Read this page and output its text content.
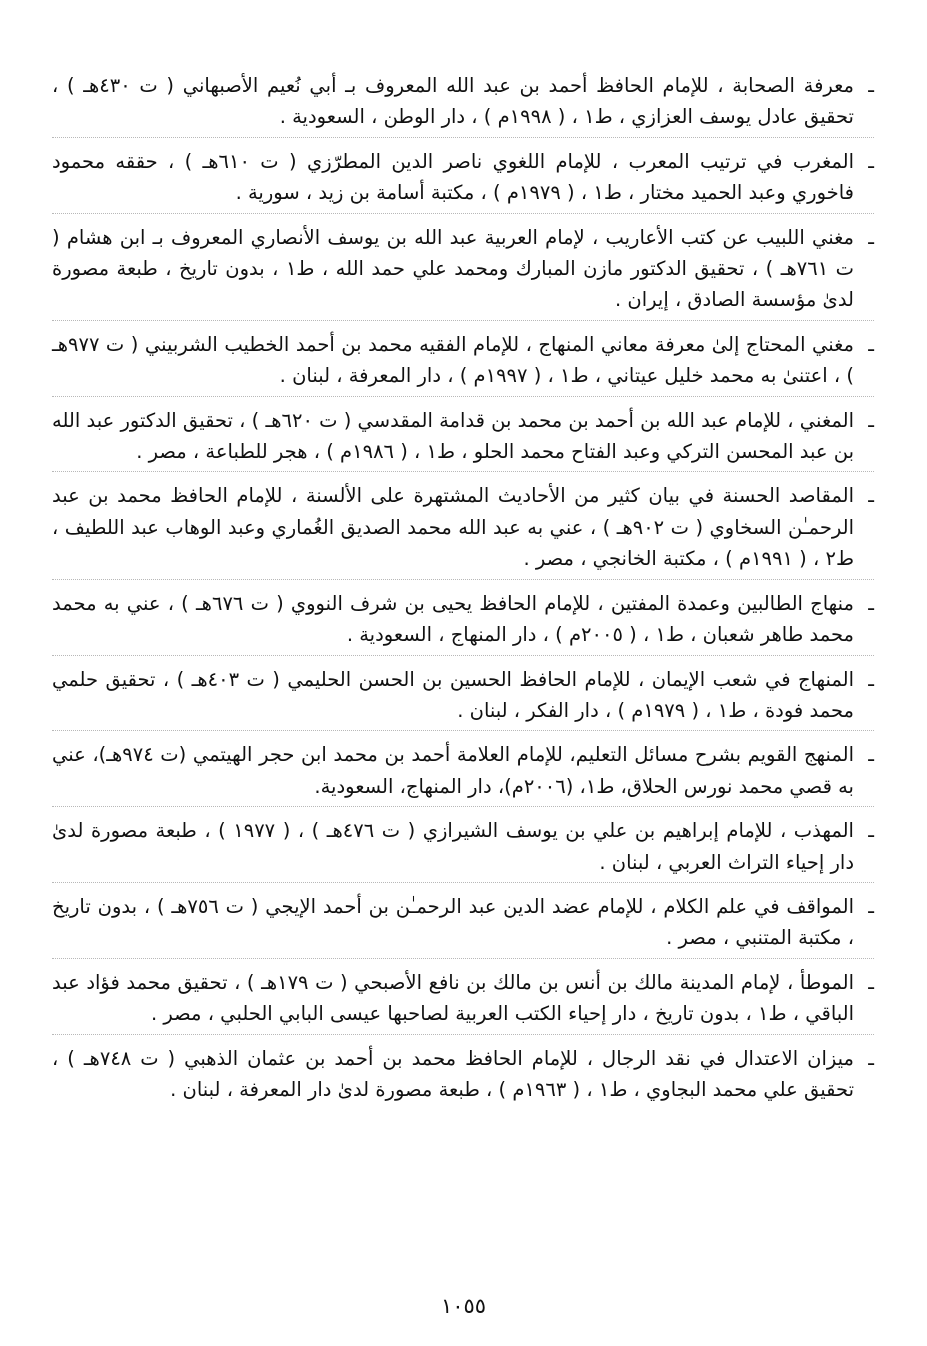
ـ
معرفة الصحابة ، للإمام الحافظ أحمد بن عبد الله المعروف بـ أبي نُعيم الأصبهاني ( ت ٤٣٠هـ ) ، تحقيق عادل يوسف العزازي ، ط١ ، ( ١٩٩٨م ) ، دار الوطن ، السعودية .
ـ
المغرب في ترتيب المعرب ، للإمام اللغوي ناصر الدين المطرّزي ( ت ٦١٠هـ ) ، حققه محمود فاخوري وعبد الحميد مختار ، ط١ ، ( ١٩٧٩م ) ، مكتبة أسامة بن زيد ، سورية .
ـ
مغني اللبيب عن كتب الأعاريب ، لإمام العربية عبد الله بن يوسف الأنصاري المعروف بـ ابن هشام ( ت ٧٦١هـ ) ، تحقيق الدكتور مازن المبارك ومحمد علي حمد الله ، ط١ ، بدون تاريخ ، طبعة مصورة لدىٰ مؤسسة الصادق ، إيران .
ـ
مغني المحتاج إلىٰ معرفة معاني المنهاج ، للإمام الفقيه محمد بن أحمد الخطيب الشربيني ( ت ٩٧٧هـ ) ، اعتنىٰ به محمد خليل عيتاني ، ط١ ، ( ١٩٩٧م ) ، دار المعرفة ، لبنان .
ـ
المغني ، للإمام عبد الله بن أحمد بن محمد بن قدامة المقدسي ( ت ٦٢٠هـ ) ، تحقيق الدكتور عبد الله بن عبد المحسن التركي وعبد الفتاح محمد الحلو ، ط١ ، ( ١٩٨٦م ) ، هجر للطباعة ، مصر .
ـ
المقاصد الحسنة في بيان كثير من الأحاديث المشتهرة على الألسنة ، للإمام الحافظ محمد بن عبد الرحمـٰن السخاوي ( ت ٩٠٢هـ ) ، عني به عبد الله محمد الصديق الغُماري وعبد الوهاب عبد اللطيف ، ط٢ ، ( ١٩٩١م ) ، مكتبة الخانجي ، مصر .
ـ
منهاج الطالبين وعمدة المفتين ، للإمام الحافظ يحيى بن شرف النووي ( ت ٦٧٦هـ ) ، عني به محمد محمد طاهر شعبان ، ط١ ، ( ٢٠٠٥م ) ، دار المنهاج ، السعودية .
ـ
المنهاج في شعب الإيمان ، للإمام الحافظ الحسين بن الحسن الحليمي ( ت ٤٠٣هـ ) ، تحقيق حلمي محمد فودة ، ط١ ، ( ١٩٧٩م ) ، دار الفكر ، لبنان .
ـ
المنهج القويم بشرح مسائل التعليم، للإمام العلامة أحمد بن محمد ابن حجر الهيتمي (ت ٩٧٤هـ)، عني به قصي محمد نورس الحلاق، ط١، (٢٠٠٦م)، دار المنهاج، السعودية.
ـ
المهذب ، للإمام إبراهيم بن علي بن يوسف الشيرازي ( ت ٤٧٦هـ ) ، ( ١٩٧٧ ) ، طبعة مصورة لدىٰ دار إحياء التراث العربي ، لبنان .
ـ
المواقف في علم الكلام ، للإمام عضد الدين عبد الرحمـٰن بن أحمد الإيجي ( ت ٧٥٦هـ ) ، بدون تاريخ ، مكتبة المتنبي ، مصر .
ـ
الموطأ ، لإمام المدينة مالك بن أنس بن مالك بن نافع الأصبحي ( ت ١٧٩هـ ) ، تحقيق محمد فؤاد عبد الباقي ، ط١ ، بدون تاريخ ، دار إحياء الكتب العربية لصاحبها عيسى البابي الحلبي ، مصر .
ـ
ميزان الاعتدال في نقد الرجال ، للإمام الحافظ محمد بن أحمد بن عثمان الذهبي ( ت ٧٤٨هـ ) ، تحقيق علي محمد البجاوي ، ط١ ، ( ١٩٦٣م ) ، طبعة مصورة لدىٰ دار المعرفة ، لبنان .
١٠٥٥
